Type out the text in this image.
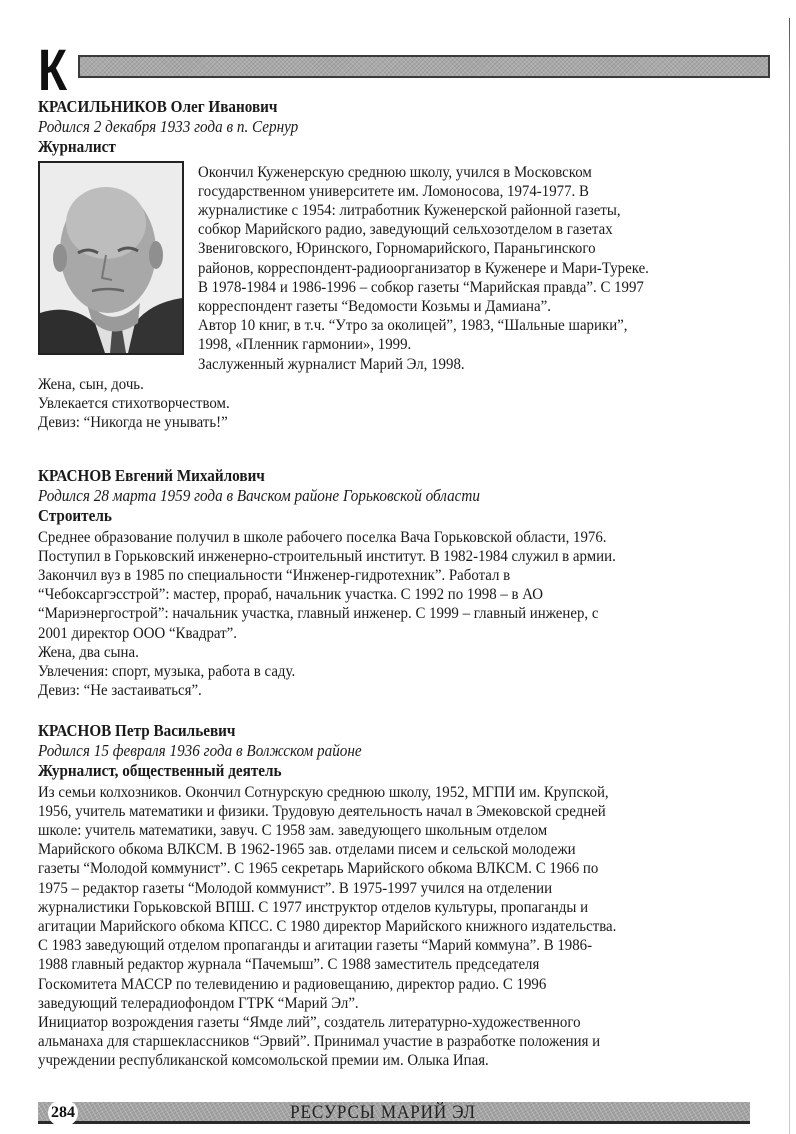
К
КРАСИЛЬНИКОВ Олег Иванович
Родился 2 декабря 1933 года в п. Сернур
Журналист
Окончил Куженерскую среднюю школу, учился в Московском
государственном университете им. Ломоносова, 1974-1977. В
журналистике с 1954: литработник Куженерской районной газеты,
собкор Марийского радио, заведующий сельхозотделом в газетах
Звениговского, Юринского, Горномарийского, Параньгинского
районов, корреспондент-радиоорганизатор в Куженере и Мари-Туреке.
В 1978-1984 и 1986-1996 – собкор газеты “Марийская правда”. С 1997
корреспондент газеты “Ведомости Козьмы и Дамиана”.
Автор 10 книг, в т.ч. “Утро за околицей”, 1983, “Шальные шарики”,
1998, «Пленник гармонии», 1999.
Заслуженный журналист Марий Эл, 1998.
Жена, сын, дочь.
Увлекается стихотворчеством.
Девиз: “Никогда не унывать!”
КРАСНОВ Евгений Михайлович
Родился 28 марта 1959 года в Вачском районе Горьковской области
Строитель
Среднее образование получил в школе рабочего поселка Вача Горьковской области, 1976.
Поступил в Горьковский инженерно-строительный институт. В 1982-1984 служил в армии.
Закончил вуз в 1985 по специальности “Инженер-гидротехник”. Работал в
“Чебоксаргэсстрой”: мастер, прораб, начальник участка. С 1992 по 1998 – в АО
“Мариэнергострой”: начальник участка, главный инженер. С 1999 – главный инженер, с
2001 директор ООО “Квадрат”.
Жена, два сына.
Увлечения: спорт, музыка, работа в саду.
Девиз: “Не застаиваться”.
КРАСНОВ Петр Васильевич
Родился 15 февраля 1936 года в Волжском районе
Журналист, общественный деятель
Из семьи колхозников. Окончил Сотнурскую среднюю школу, 1952, МГПИ им. Крупской,
1956, учитель математики и физики. Трудовую деятельность начал в Эмековской средней
школе: учитель математики, завуч. С 1958 зам. заведующего школьным отделом
Марийского обкома ВЛКСМ. В 1962-1965 зав. отделами писем и сельской молодежи
газеты “Молодой коммунист”. С 1965 секретарь Марийского обкома ВЛКСМ. С 1966 по
1975 – редактор газеты “Молодой коммунист”. В 1975-1997 учился на отделении
журналистики Горьковской ВПШ. С 1977 инструктор отделов культуры, пропаганды и
агитации Марийского обкома КПСС. С 1980 директор Марийского книжного издательства.
С 1983 заведующий отделом пропаганды и агитации газеты “Марий коммуна”. В 1986-
1988 главный редактор журнала “Пачемыш”. С 1988 заместитель председателя
Госкомитета МАССР по телевидению и радиовещанию, директор радио. С 1996
заведующий телерадиофондом ГТРК “Марий Эл”.
Инициатор возрождения газеты “Ямде лий”, создатель литературно-художественного
альманаха для старшеклассников “Эрвий”. Принимал участие в разработке положения и
учреждении республиканской комсомольской премии им. Олыка Ипая.
284	РЕСУРСЫ МАРИЙ ЭЛ
